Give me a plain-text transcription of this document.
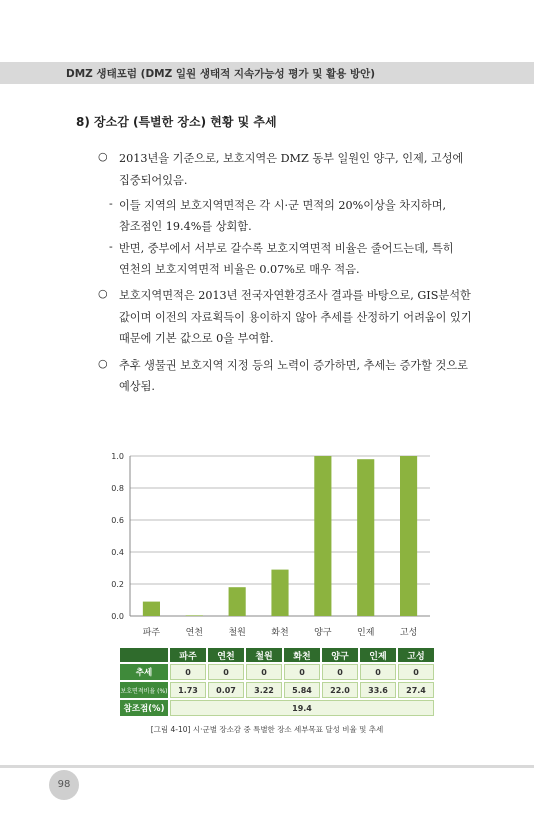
DMZ 생태포럼 (DMZ 일원 생태적 지속가능성 평가 및 활용 방안)
8) 장소감 (특별한 장소) 현황 및 추세
○ 2013년을 기준으로, 보호지역은 DMZ 동부 일원인 양구, 인제, 고성에
집중되어있음.
- 이들 지역의 보호지역면적은 각 시·군 면적의 20%이상을 차지하며,
참조점인 19.4%를 상회함.
- 반면, 중부에서 서부로 갈수록 보호지역면적 비율은 줄어드는데, 특히
연천의 보호지역면적 비율은 0.07%로 매우 적음.
○ 보호지역면적은 2013년 전국자연환경조사 결과를 바탕으로, GIS분석한
값이며 이전의 자료획득이 용이하지 않아 추세를 산정하기 어려움이 있기
때문에 기본 값으로 0을 부여함.
○ 추후 생물권 보호지역 지정 등의 노력이 증가하면, 추세는 증가할 것으로
예상됨.
0.0
0.2
0.4
0.6
0.8
1.0
파주	연천	철원	화천	양구	인제	고성
	파주	연천	철원	화천	양구	인제	고성
추세	0	0	0	0	0	0	0
보호면적비율 (%)	1.73	0.07	3.22	5.84	22.0	33.6	27.4
참조점(%)	19.4						
[그림 4-10] 시·군별 장소감 중 특별한 장소 세부목표 달성 비율 및 추세
98
